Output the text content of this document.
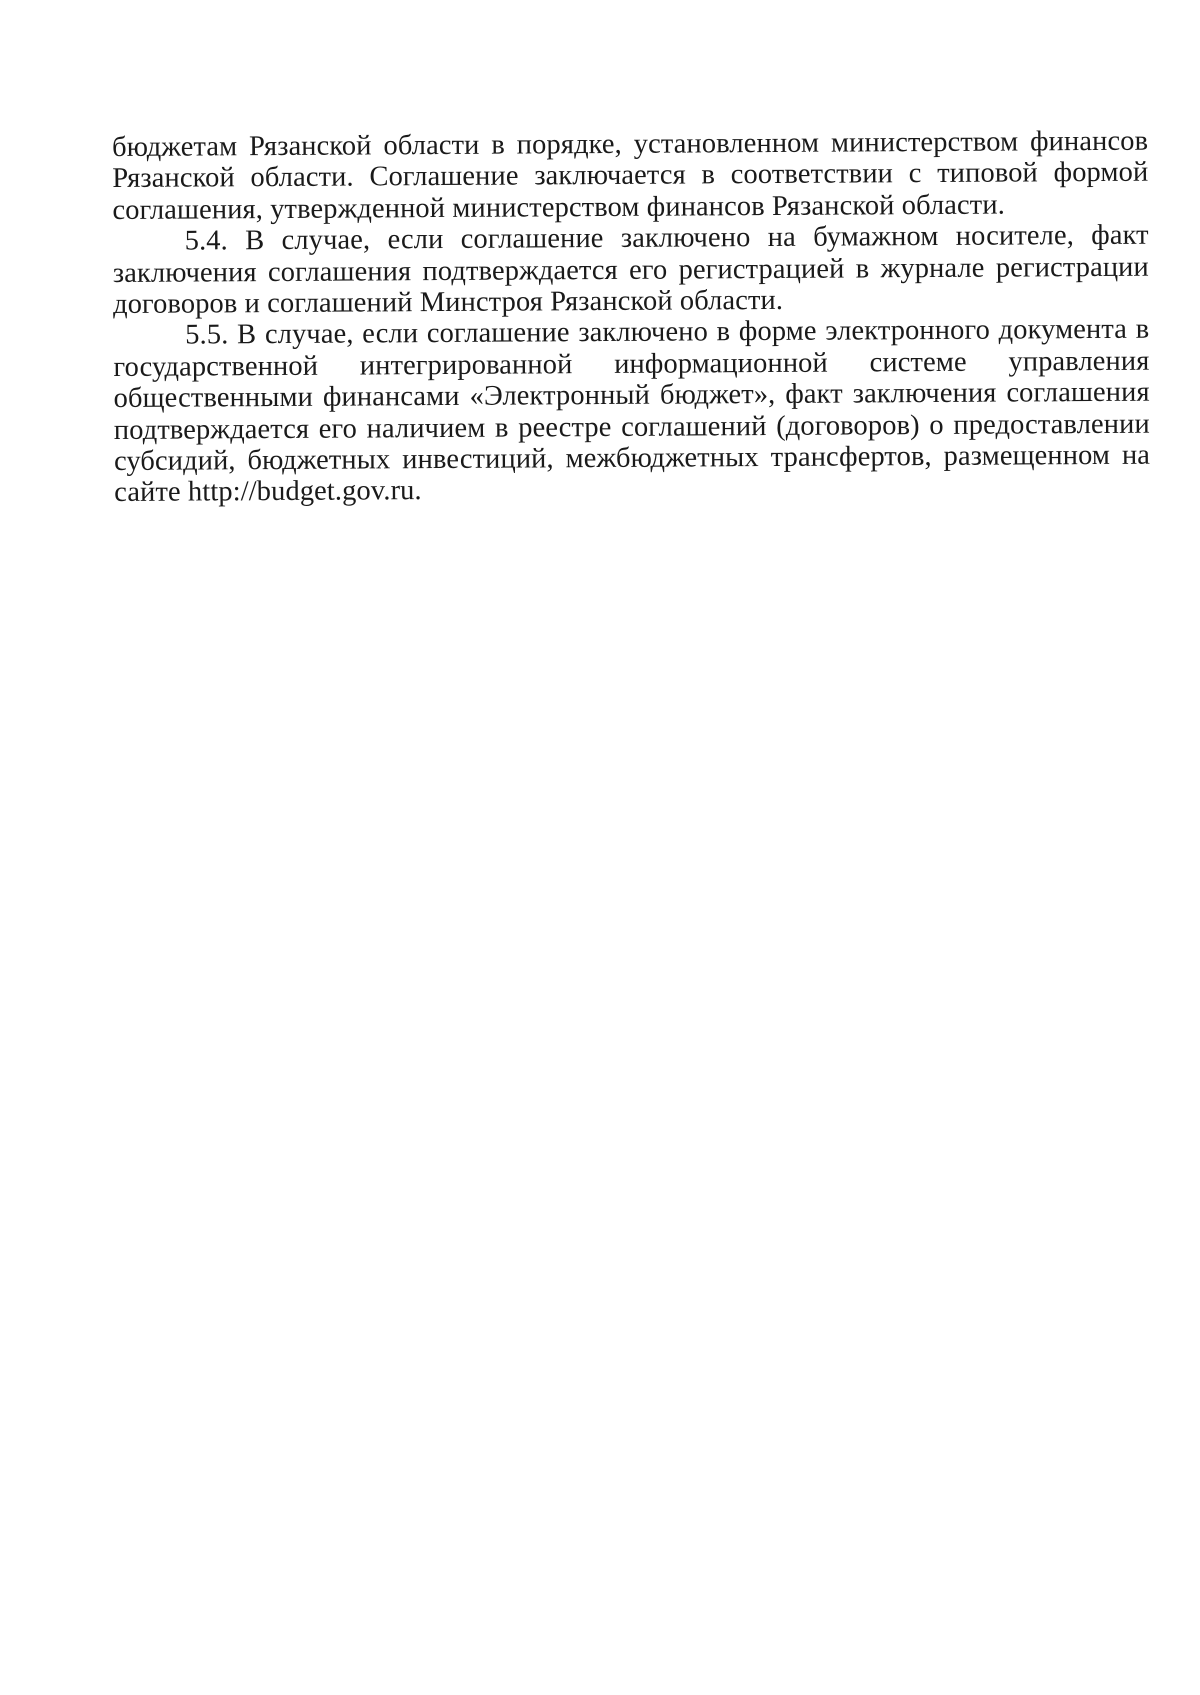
бюджетам Рязанской области в порядке, установленном министерством финансов Рязанской области. Соглашение заключается в соответствии с типовой формой соглашения, утвержденной министерством финансов Рязанской области.

5.4. В случае, если соглашение заключено на бумажном носителе, факт заключения соглашения подтверждается его регистрацией в журнале регистрации договоров и соглашений Минстроя Рязанской области.

5.5. В случае, если соглашение заключено в форме электронного документа в государственной интегрированной информационной системе управления общественными финансами «Электронный бюджет», факт заключения соглашения подтверждается его наличием в реестре соглашений (договоров) о предоставлении субсидий, бюджетных инвестиций, межбюджетных трансфертов, размещенном на сайте http://budget.gov.ru.
